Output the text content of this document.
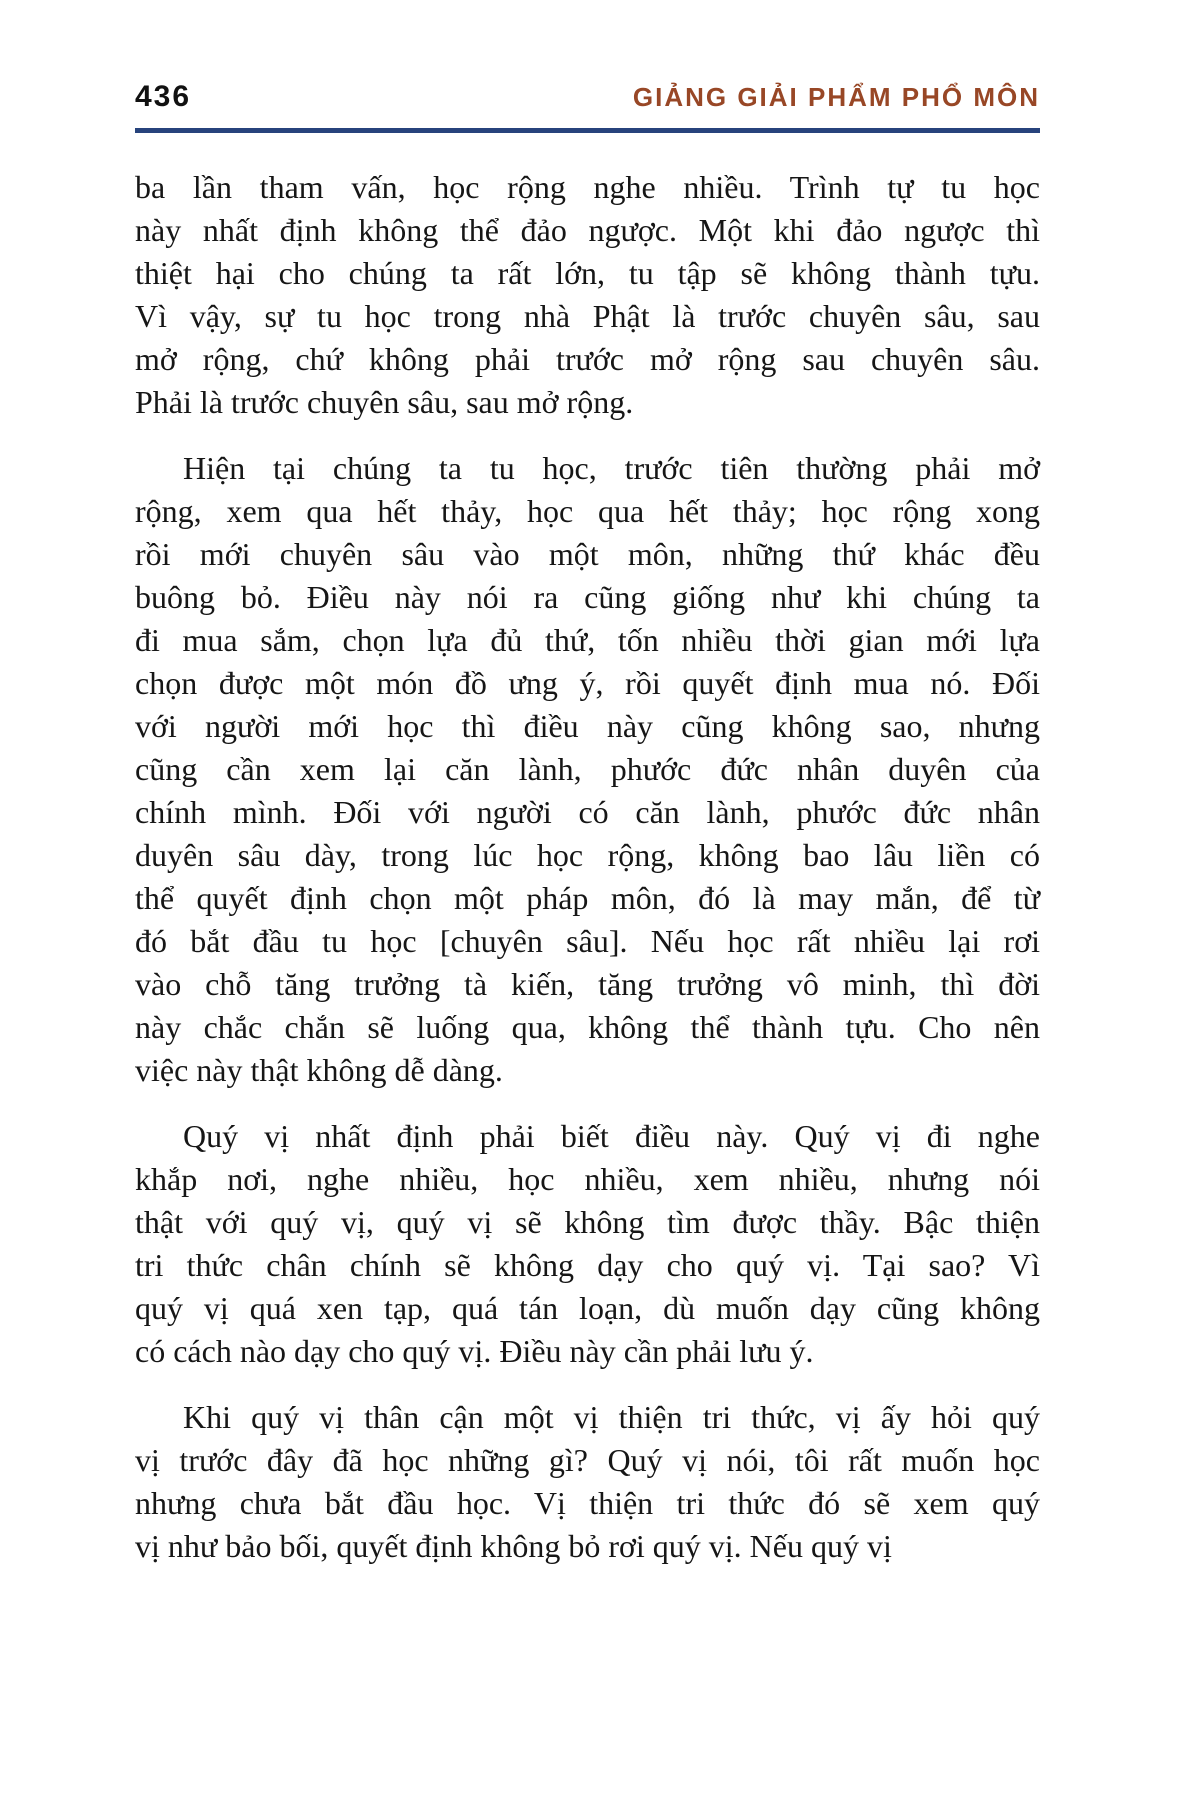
436	GIẢNG GIẢI PHẨM PHỔ MÔN
ba lần tham vấn, học rộng nghe nhiều. Trình tự tu học
này nhất định không thể đảo ngược. Một khi đảo ngược thì
thiệt hại cho chúng ta rất lớn, tu tập sẽ không thành tựu.
Vì vậy, sự tu học trong nhà Phật là trước chuyên sâu, sau
mở rộng, chứ không phải trước mở rộng sau chuyên sâu.
Phải là trước chuyên sâu, sau mở rộng.
Hiện tại chúng ta tu học, trước tiên thường phải mở
rộng, xem qua hết thảy, học qua hết thảy; học rộng xong
rồi mới chuyên sâu vào một môn, những thứ khác đều
buông bỏ. Điều này nói ra cũng giống như khi chúng ta
đi mua sắm, chọn lựa đủ thứ, tốn nhiều thời gian mới lựa
chọn được một món đồ ưng ý, rồi quyết định mua nó. Đối
với người mới học thì điều này cũng không sao, nhưng
cũng cần xem lại căn lành, phước đức nhân duyên của
chính mình. Đối với người có căn lành, phước đức nhân
duyên sâu dày, trong lúc học rộng, không bao lâu liền có
thể quyết định chọn một pháp môn, đó là may mắn, để từ
đó bắt đầu tu học [chuyên sâu]. Nếu học rất nhiều lại rơi
vào chỗ tăng trưởng tà kiến, tăng trưởng vô minh, thì đời
này chắc chắn sẽ luống qua, không thể thành tựu. Cho nên
việc này thật không dễ dàng.
Quý vị nhất định phải biết điều này. Quý vị đi nghe
khắp nơi, nghe nhiều, học nhiều, xem nhiều, nhưng nói
thật với quý vị, quý vị sẽ không tìm được thầy. Bậc thiện
tri thức chân chính sẽ không dạy cho quý vị. Tại sao? Vì
quý vị quá xen tạp, quá tán loạn, dù muốn dạy cũng không
có cách nào dạy cho quý vị. Điều này cần phải lưu ý.
Khi quý vị thân cận một vị thiện tri thức, vị ấy hỏi quý
vị trước đây đã học những gì? Quý vị nói, tôi rất muốn học
nhưng chưa bắt đầu học. Vị thiện tri thức đó sẽ xem quý
vị như bảo bối, quyết định không bỏ rơi quý vị. Nếu quý vị
